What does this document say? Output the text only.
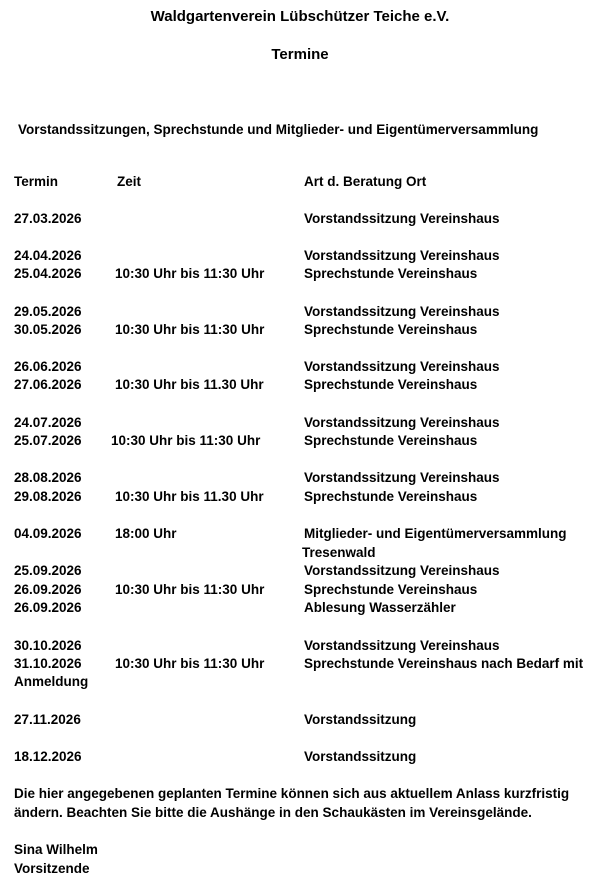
Waldgartenverein Lübschützer Teiche e.V.
Termine
Vorstandssitzungen, Sprechstunde und Mitglieder- und Eigentümerversammlung
Termin	Zeit	Art d. Beratung Ort
27.03.2026	Vorstandssitzung Vereinshaus
24.04.2026	Vorstandssitzung Vereinshaus
25.04.2026 10:30 Uhr bis 11:30 Uhr	Sprechstunde Vereinshaus
29.05.2026	Vorstandssitzung Vereinshaus
30.05.2026 10:30 Uhr bis 11:30 Uhr	Sprechstunde Vereinshaus
26.06.2026	Vorstandssitzung Vereinshaus
27.06.2026 10:30 Uhr bis 11.30 Uhr	Sprechstunde Vereinshaus
24.07.2026	Vorstandssitzung Vereinshaus
25.07.2026 10:30 Uhr bis 11:30 Uhr	Sprechstunde Vereinshaus
28.08.2026	Vorstandssitzung Vereinshaus
29.08.2026 10:30 Uhr bis 11.30 Uhr	Sprechstunde Vereinshaus
04.09.2026 18:00 Uhr	Mitglieder- und Eigentümerversammlung
Tresenwald
25.09.2026	Vorstandssitzung Vereinshaus
26.09.2026 10:30 Uhr bis 11:30 Uhr	Sprechstunde Vereinshaus
26.09.2026	Ablesung Wasserzähler
30.10.2026	Vorstandssitzung Vereinshaus
31.10.2026 10:30 Uhr bis 11:30 Uhr	Sprechstunde Vereinshaus nach Bedarf mit
Anmeldung
27.11.2026	Vorstandssitzung
18.12.2026	Vorstandssitzung
Die hier angegebenen geplanten Termine können sich aus aktuellem Anlass kurzfristig
ändern. Beachten Sie bitte die Aushänge in den Schaukästen im Vereinsgelände.
Sina Wilhelm
Vorsitzende
